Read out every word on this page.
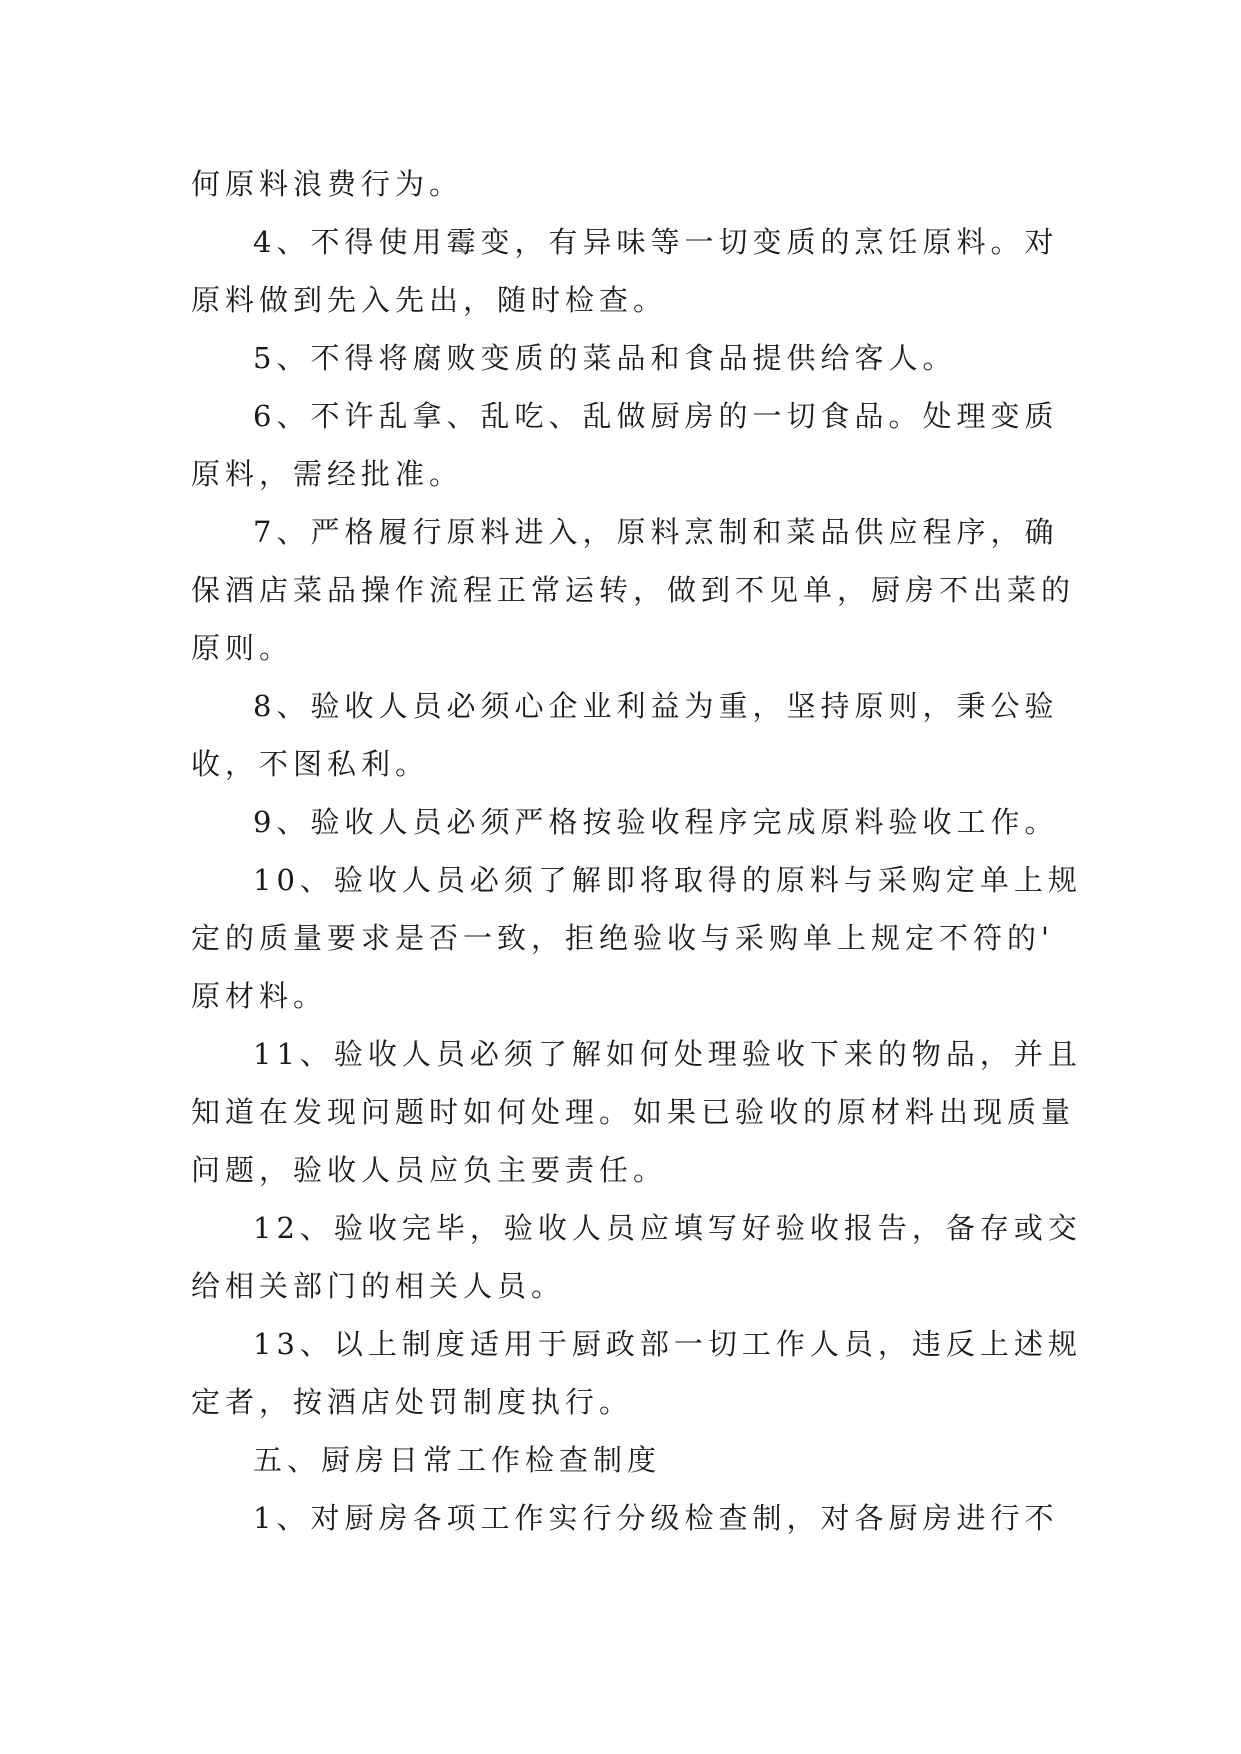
何原料浪费行为。

4、不得使用霉变，有异味等一切变质的烹饪原料。对

原料做到先入先出，随时检查。

5、不得将腐败变质的菜品和食品提供给客人。

6、不许乱拿、乱吃、乱做厨房的一切食品。处理变质

原料，需经批准。

7、严格履行原料进入，原料烹制和菜品供应程序，确

保酒店菜品操作流程正常运转，做到不见单，厨房不出菜的

原则。

8、验收人员必须心企业利益为重，坚持原则，秉公验

收，不图私利。

9、验收人员必须严格按验收程序完成原料验收工作。

10、验收人员必须了解即将取得的原料与采购定单上规

定的质量要求是否一致，拒绝验收与采购单上规定不符的'

原材料。

11、验收人员必须了解如何处理验收下来的物品，并且

知道在发现问题时如何处理。如果已验收的原材料出现质量

问题，验收人员应负主要责任。

12、验收完毕，验收人员应填写好验收报告，备存或交

给相关部门的相关人员。

13、以上制度适用于厨政部一切工作人员，违反上述规

定者，按酒店处罚制度执行。

五、厨房日常工作检查制度

1、对厨房各项工作实行分级检查制，对各厨房进行不
